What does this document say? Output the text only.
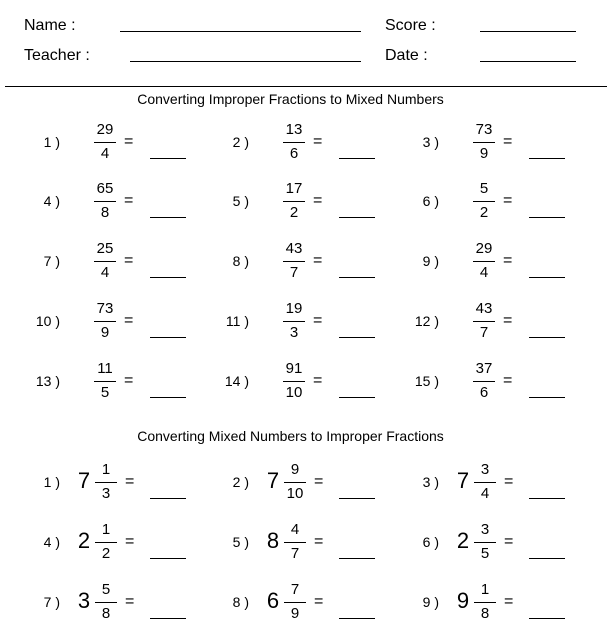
Name :	Score :
Teacher :	Date :
Converting Improper Fractions to Mixed Numbers
1 )
29
4
=	2 )
13
6
=	3 )
73
9
=
4 )
65
8
=	5 )
17
2
=	6 )
5
2
=
7 )
25
4
=	8 )
43
7
=	9 )
29
4
=
10 )
73
9
=	11 )
19
3
=	12 )
43
7
=
13 )
11
5
=	14 )
91
10
=	15 )
37
6
=
Converting Mixed Numbers to Improper Fractions
1 ) 7 1
3
=	2 ) 7 9
10
=	3 ) 7 3
4
=
4 ) 2 1
2
=	5 ) 8 4
7
=	6 ) 2 3
5
=
7 ) 3 5
8
=	8 ) 6 7
9
=	9 ) 9 1
8
=
